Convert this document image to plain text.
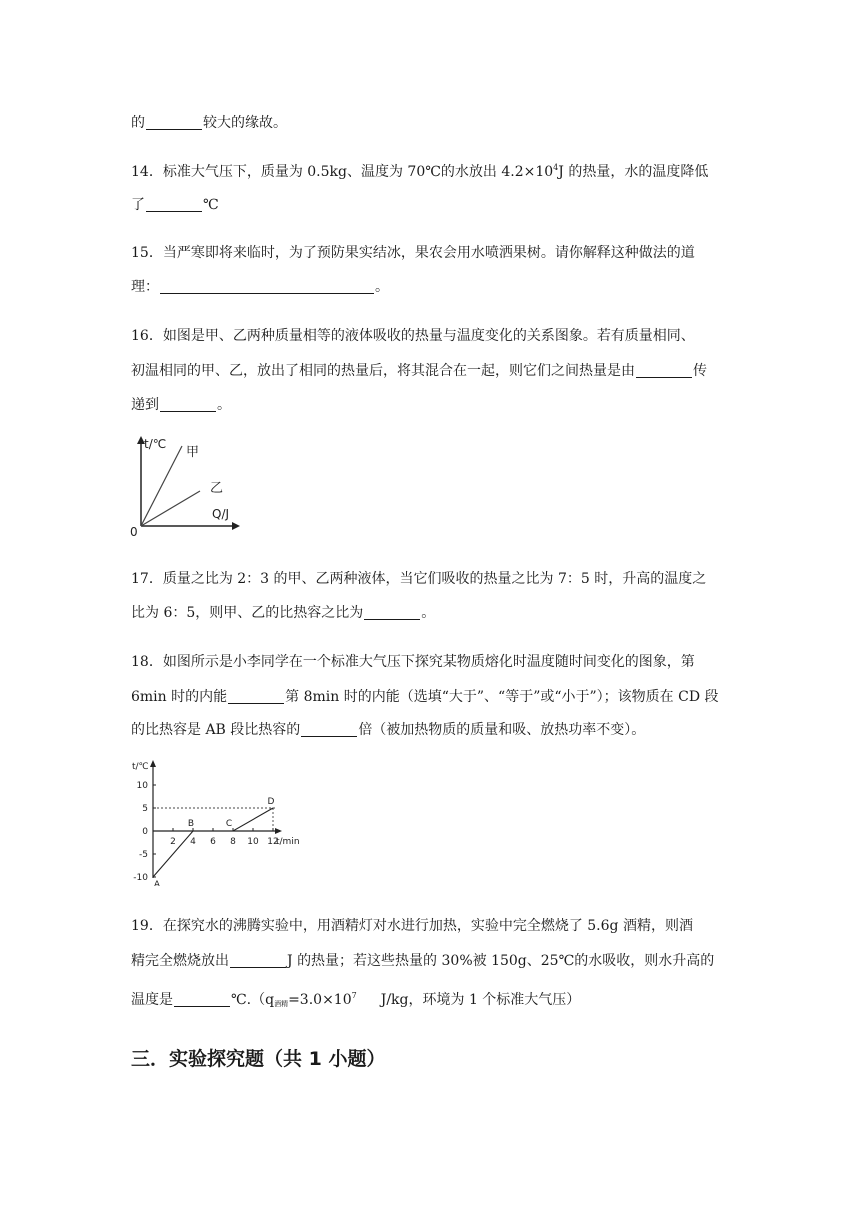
的	较大的缘故。
14．标准大气压下，质量为 0.5kg、温度为 70℃的水放出 $4.2\times 10^4J$ 的热量，水的温度降低
了	℃
15．当严寒即将来临时，为了预防果实结冰，果农会用水喷洒果树。请你解释这种做法的道
理：	。
16．如图是甲、乙两种质量相等的液体吸收的热量与温度变化的关系图象。若有质量相同、
初温相同的甲、乙，放出了相同的热量后，将其混合在一起，则它们之间热量是由	传
递到	。
t/℃
甲
乙
Q/J
0
17．质量之比为 2：3 的甲、乙两种液体，当它们吸收的热量之比为 7：5 时，升高的温度之
比为 6：5，则甲、乙的比热容之比为	。
18．如图所示是小李同学在一个标准大气压下探究某物质熔化时温度随时间变化的图象，第
6min 时的内能	第 8min 时的内能（选填“大于”、“等于”或“小于”）；该物质在 CD 段
的比热容是 AB 段比热容的	倍（被加热物质的质量和吸、放热功率不变）。
t/℃
t/min
2 4 6 8 10 12
10
5
0
-5
-10
A
B	C
D
19．在探究水的沸腾实验中，用酒精灯对水进行加热，实验中完全燃烧了 5.6g 酒精，则酒
精完全燃烧放出	J 的热量；若这些热量的 30%被 150g、25℃的水吸收，则水升高的
温度是	$℃.(q_{酒精}=3.0\times 10^7$ J/kg，环境为 1 个标准大气压）
三．实验探究题（共 1 小题）
